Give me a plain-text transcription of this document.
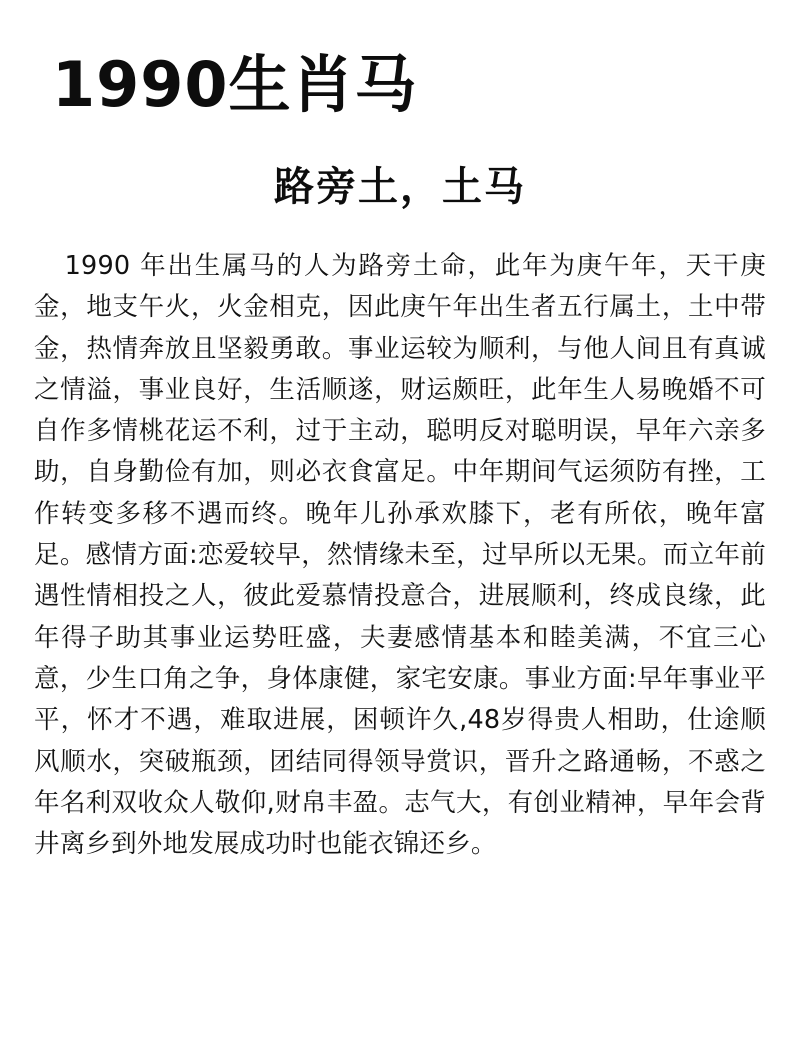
1990生肖马
路旁土，土马

1990 年出生属马的人为路旁土命，此年为庚午年，天干庚金，地支午火，火金相克，因此庚午年出生者五行属土，土中带金，热情奔放且坚毅勇敢。事业运较为顺利，与他人间且有真诚之情溢，事业良好，生活顺遂，财运颇旺，此年生人易晚婚不可自作多情桃花运不利，过于主动，聪明反对聪明误，早年六亲多助，自身勤俭有加，则必衣食富足。中年期间气运须防有挫，工作转变多移不遇而终。晚年儿孙承欢膝下，老有所依，晚年富足。感情方面:恋爱较早，然情缘未至，过早所以无果。而立年前遇性情相投之人，彼此爱慕情投意合，进展顺利，终成良缘，此年得子助其事业运势旺盛，夫妻感情基本和睦美满，不宜三心意，少生口角之争，身体康健，家宅安康。事业方面:早年事业平平，怀才不遇，难取进展，困顿许久,48岁得贵人相助，仕途顺风顺水，突破瓶颈，团结同得领导赏识，晋升之路通畅，不惑之年名利双收众人敬仰,财帛丰盈。志气大，有创业精神，早年会背井离乡到外地发展成功时也能衣锦还乡。
